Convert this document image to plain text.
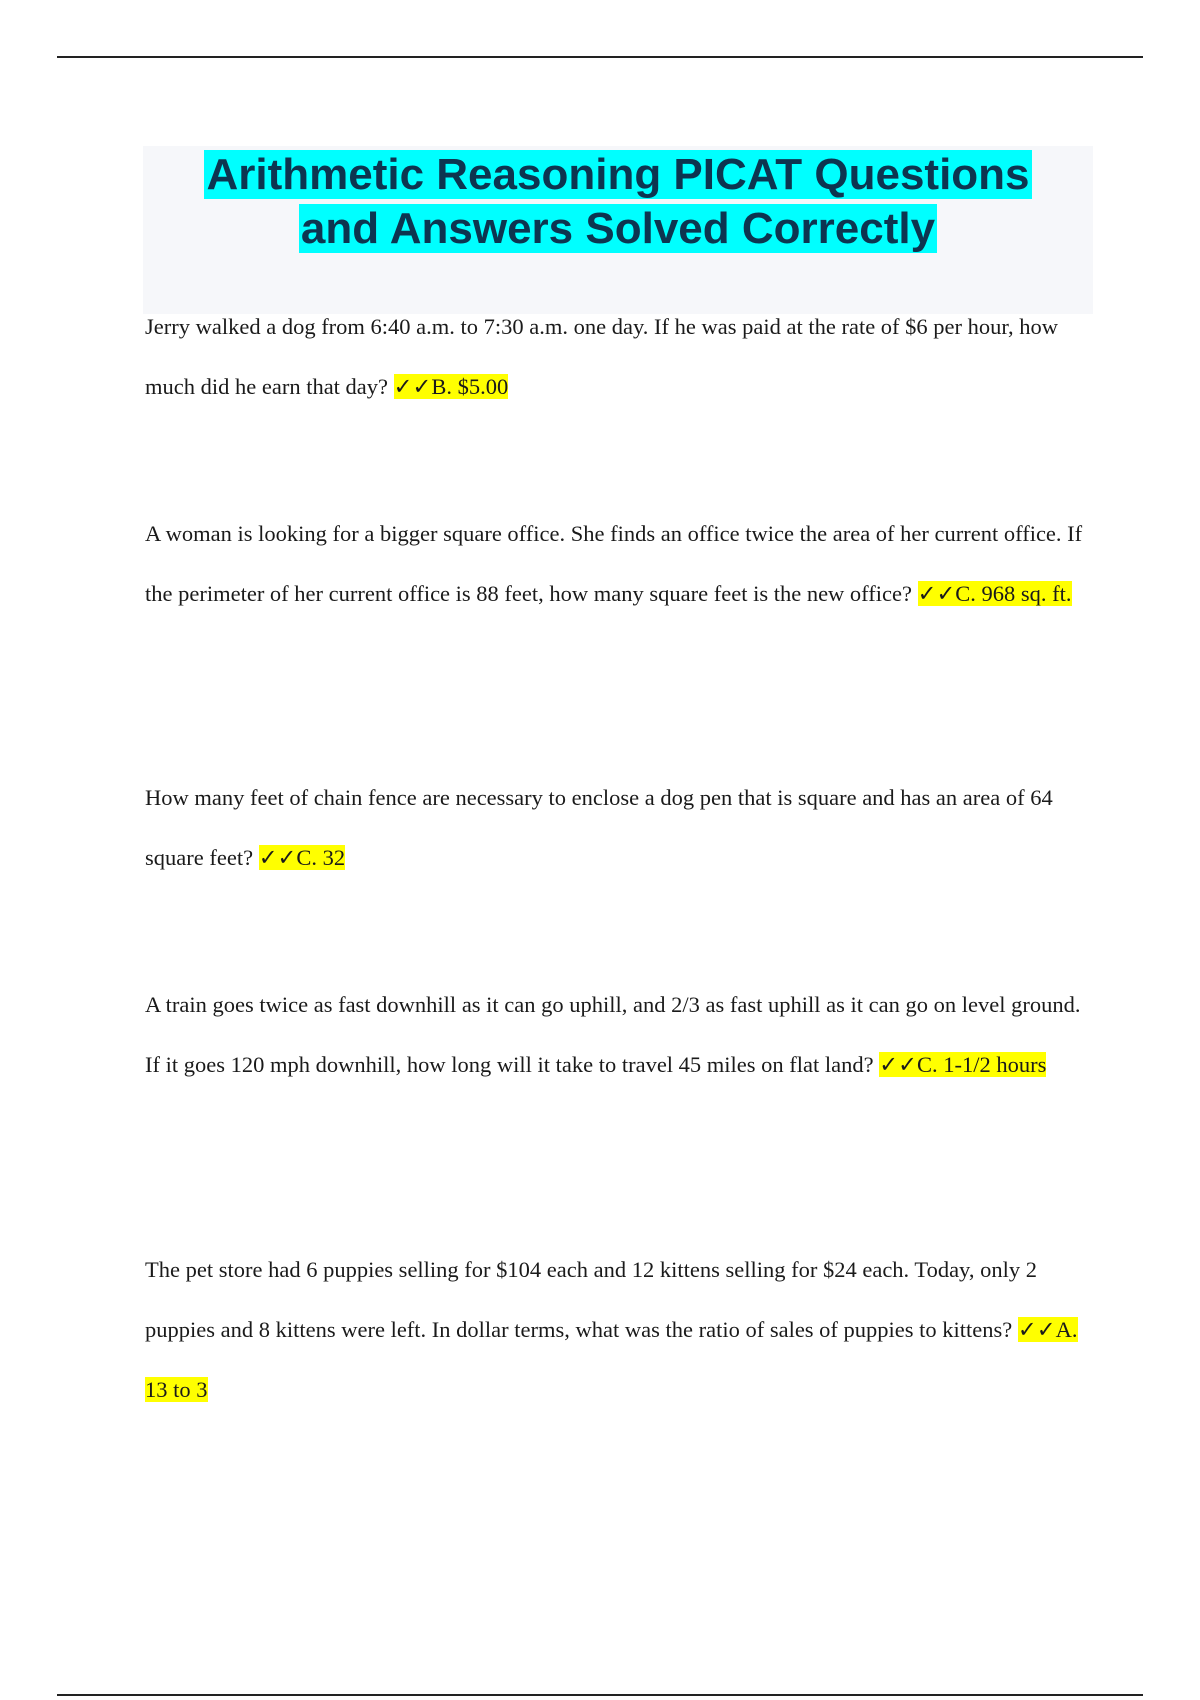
Arithmetic Reasoning PICAT Questions
and Answers Solved Correctly

Jerry walked a dog from 6:40 a.m. to 7:30 a.m. one day. If he was paid at the rate of $6 per hour, how much did he earn that day? ✓✓B. $5.00

A woman is looking for a bigger square office. She finds an office twice the area of her current office. If the perimeter of her current office is 88 feet, how many square feet is the new office? ✓✓C. 968 sq. ft.

How many feet of chain fence are necessary to enclose a dog pen that is square and has an area of 64 square feet? ✓✓C. 32

A train goes twice as fast downhill as it can go uphill, and 2/3 as fast uphill as it can go on level ground. If it goes 120 mph downhill, how long will it take to travel 45 miles on flat land? ✓✓C. 1-1/2 hours

The pet store had 6 puppies selling for $104 each and 12 kittens selling for $24 each. Today, only 2 puppies and 8 kittens were left. In dollar terms, what was the ratio of sales of puppies to kittens? ✓✓A. 13 to 3
